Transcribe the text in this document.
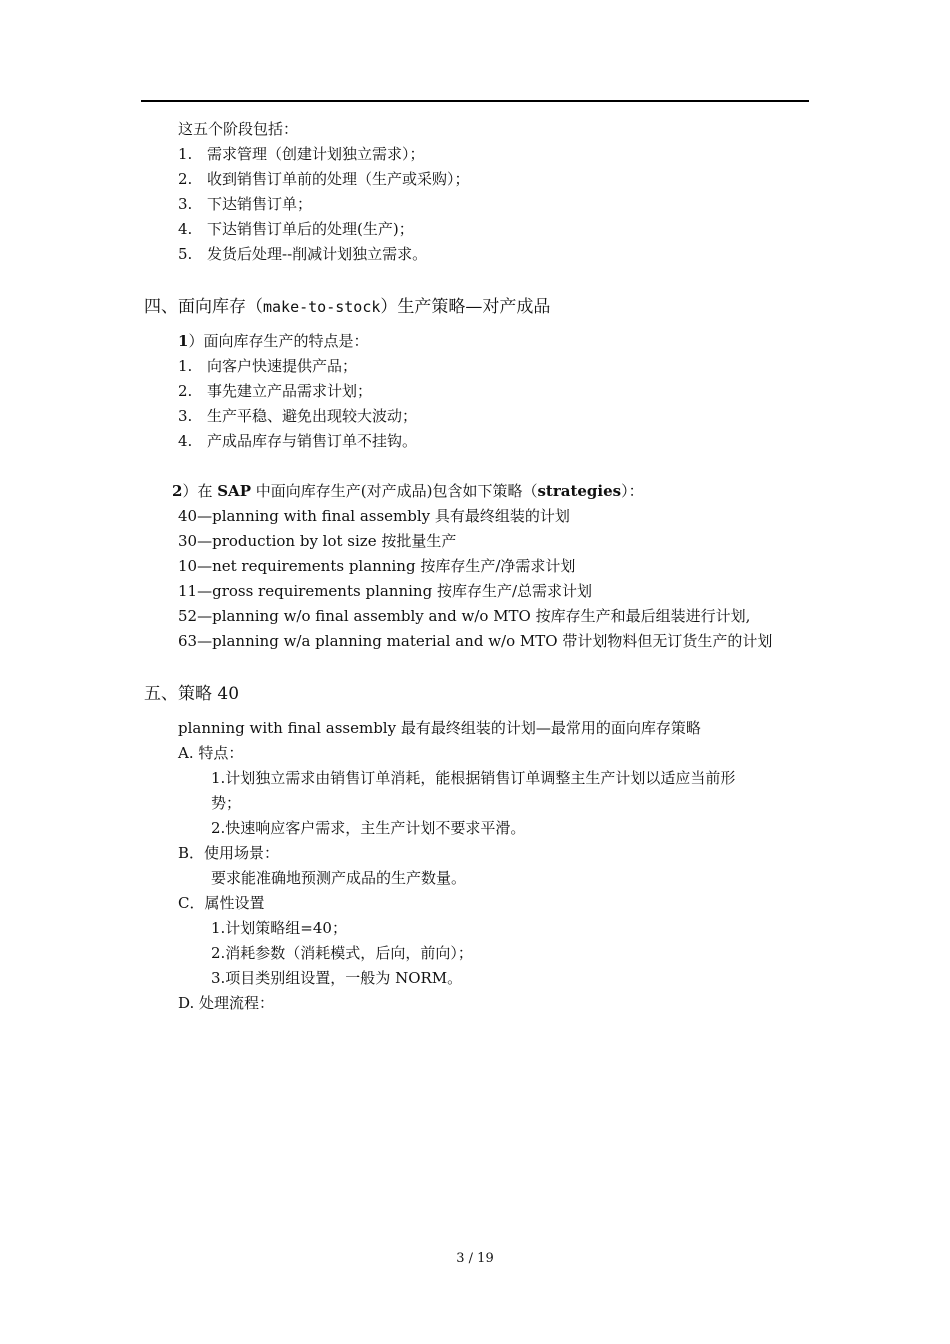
这五个阶段包括：
1. 需求管理（创建计划独立需求）；
2. 收到销售订单前的处理（生产或采购）；
3. 下达销售订单；
4. 下达销售订单后的处理(生产)；
5. 发货后处理--削减计划独立需求。
四、面向库存（make-to-stock）生产策略—对产成品
1）面向库存生产的特点是：
1. 向客户快速提供产品；
2. 事先建立产品需求计划；
3. 生产平稳、避免出现较大波动；
4. 产成品库存与销售订单不挂钩。
2）在 SAP 中面向库存生产(对产成品)包含如下策略（strategies）：
40—planning with final assembly 具有最终组装的计划
30—production by lot size 按批量生产
10—net requirements planning 按库存生产/净需求计划
11—gross requirements planning 按库存生产/总需求计划
52—planning w/o final assembly and w/o MTO 按库存生产和最后组装进行计划,
63—planning w/a planning material and w/o MTO 带计划物料但无订货生产的计划
五、策略 40
planning with final assembly 最有最终组装的计划—最常用的面向库存策略
A. 特点：
1.计划独立需求由销售订单消耗，能根据销售订单调整主生产计划以适应当前形
势；
2.快速响应客户需求，主生产计划不要求平滑。
B．使用场景：
要求能准确地预测产成品的生产数量。
C．属性设置
1.计划策略组=40；
2.消耗参数（消耗模式，后向，前向）；
3.项目类别组设置，一般为 NORM。
D. 处理流程：
3 / 19
